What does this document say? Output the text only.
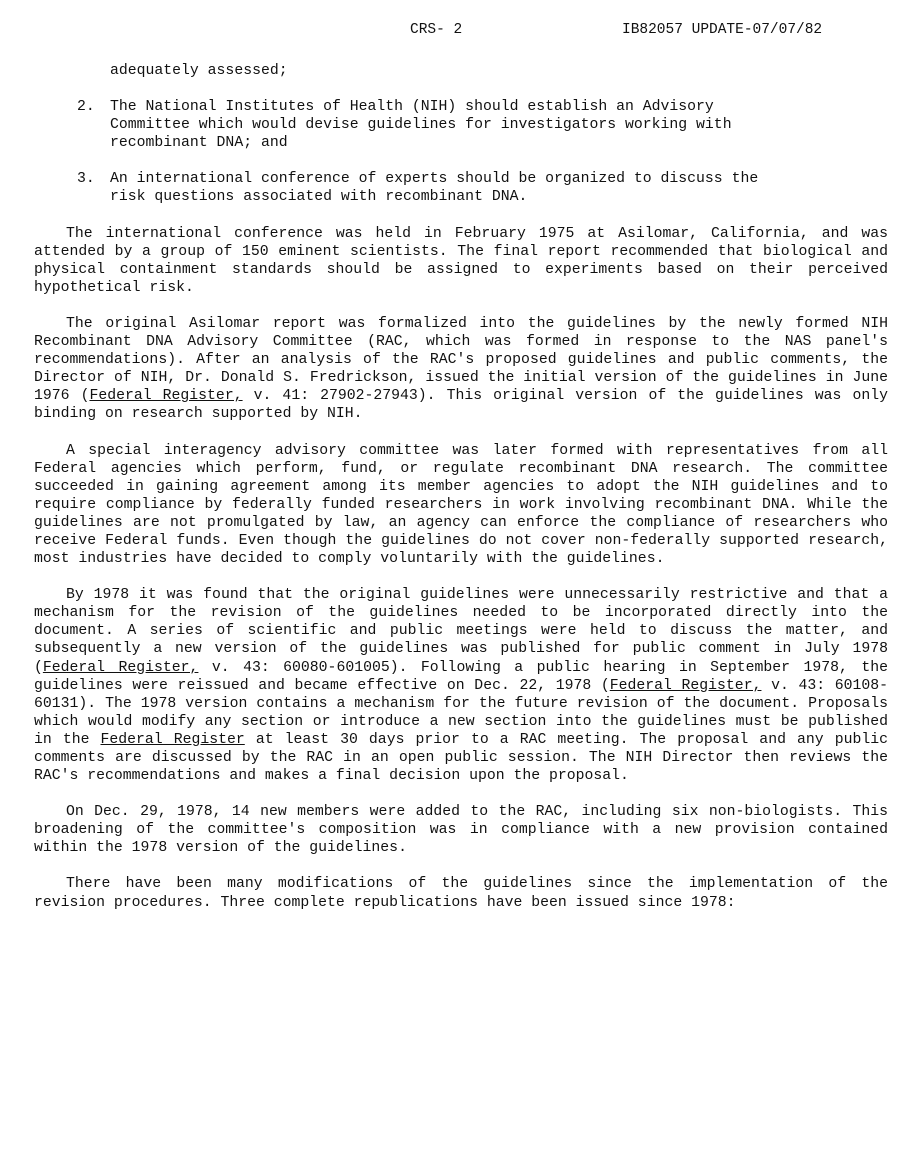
CRS- 2	IB82057 UPDATE-07/07/82
adequately assessed;
2. The National Institutes of Health (NIH) should establish an Advisory Committee which would devise guidelines for investigators working with recombinant DNA; and
3. An international conference of experts should be organized to discuss the risk questions associated with recombinant DNA.

The international conference was held in February 1975 at Asilomar, California, and was attended by a group of 150 eminent scientists. The final report recommended that biological and physical containment standards should be assigned to experiments based on their perceived hypothetical risk.

The original Asilomar report was formalized into the guidelines by the newly formed NIH Recombinant DNA Advisory Committee (RAC, which was formed in response to the NAS panel's recommendations). After an analysis of the RAC's proposed guidelines and public comments, the Director of NIH, Dr. Donald S. Fredrickson, issued the initial version of the guidelines in June 1976 (Federal Register, v. 41: 27902-27943). This original version of the guidelines was only binding on research supported by NIH.

A special interagency advisory committee was later formed with representatives from all Federal agencies which perform, fund, or regulate recombinant DNA research. The committee succeeded in gaining agreement among its member agencies to adopt the NIH guidelines and to require compliance by federally funded researchers in work involving recombinant DNA. While the guidelines are not promulgated by law, an agency can enforce the compliance of researchers who receive Federal funds. Even though the guidelines do not cover non-federally supported research, most industries have decided to comply voluntarily with the guidelines.

By 1978 it was found that the original guidelines were unnecessarily restrictive and that a mechanism for the revision of the guidelines needed to be incorporated directly into the document. A series of scientific and public meetings were held to discuss the matter, and subsequently a new version of the guidelines was published for public comment in July 1978 (Federal Register, v. 43: 60080-601005). Following a public hearing in September 1978, the guidelines were reissued and became effective on Dec. 22, 1978 (Federal Register, v. 43: 60108-60131). The 1978 version contains a mechanism for the future revision of the document. Proposals which would modify any section or introduce a new section into the guidelines must be published in the Federal Register at least 30 days prior to a RAC meeting. The proposal and any public comments are discussed by the RAC in an open public session. The NIH Director then reviews the RAC's recommendations and makes a final decision upon the proposal.

On Dec. 29, 1978, 14 new members were added to the RAC, including six non-biologists. This broadening of the committee's composition was in compliance with a new provision contained within the 1978 version of the guidelines.

There have been many modifications of the guidelines since the implementation of the revision procedures. Three complete republications have been issued since 1978:
